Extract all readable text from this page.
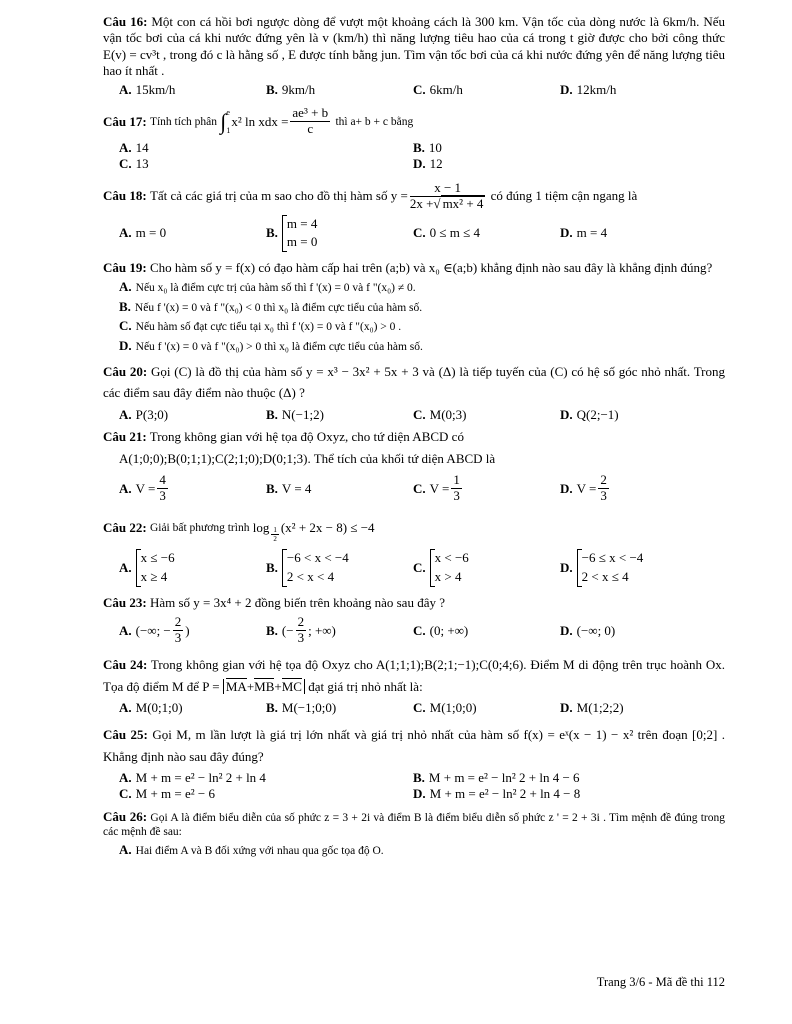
Câu 16: Một con cá hồi bơi ngược dòng để vượt một khoảng cách là 300 km. Vận tốc của dòng nước là 6km/h. Nếu vận tốc bơi của cá khi nước đứng yên là v (km/h) thì năng lượng tiêu hao của cá trong t giờ được cho bởi công thức E(v) = cv³t , trong đó c là hằng số , E được tính bằng jun. Tìm vận tốc bơi của cá khi nước đứng yên để năng lượng tiêu hao ít nhất .
A. 15km/h	B. 9km/h	C. 6km/h	D. 12km/h
Câu 17:
Tính tích phân
∫ e
1
x² ln xdx = $\frac{\text{ae³ + b}}{c}$
thì a+ b + c bằng
A. 14	B. 10
C. 13	D. 12
Câu 18:
Tất cả các giá trị của m sao cho đồ thị hàm số
$y = \frac{x - 1}{\text{2x +√ mx² + 4}}$
có đúng 1 tiệm cận ngang là
A. m = 0	B.
m = 4
m = 0
C. 0 ≤ m ≤ 4	D. m = 4
Câu 19: Cho hàm số y = f(x) có đạo hàm cấp hai trên (a;b) và x₀ ∈(a;b) khẳng định nào sau đây là khẳng định đúng?
A. Nếu x₀ là điểm cực trị của hàm số thì f '(x) = 0 và f "(x₀) ≠ 0.
B. Nếu f '(x) = 0 và f "(x₀) < 0 thì x₀ là điểm cực tiểu của hàm số.
C. Nếu hàm số đạt cực tiểu tại x₀ thì f '(x) = 0 và f "(x₀) > 0 .
D. Nếu f '(x) = 0 và f "(x₀) > 0 thì x₀ là điểm cực tiểu của hàm số.
Câu 20: Gọi (C) là đồ thị của hàm số y = x³ − 3x² + 5x + 3 và (Δ) là tiếp tuyến của (C) có hệ số góc nhỏ nhất. Trong các điểm sau đây điểm nào thuộc (Δ) ?
A. P(3;0)	B. N(−1;2)	C. M(0;3)	D. Q(2;−1)
Câu 21: Trong không gian với hệ tọa độ Oxyz, cho tứ diện ABCD có
A(1;0;0);B(0;1;1);C(2;1;0);D(0;1;3). Thể tích của khối tứ diện ABCD là
A. $V = \frac{4}{3}$	B. V = 4	C. $V = \frac{1}{3}$	D. $V = \frac{2}{3}$
Câu 22:
Giải bất phương trình
$\log \frac{1}{2} (x^2 + 2x - 8) \le -4$
A.
x ≤ −6
x ≥ 4
B.
−6 < x < −4
2 < x < 4
C.
x < −6
x > 4
D.
−6 ≤ x < −4
2 < x ≤ 4
Câu 23: Hàm số y = 3x⁴ + 2 đồng biến trên khoảng nào sau đây ?
A. (−∞; − $\frac{2}{3}$ )	B. (− $\frac{2}{3}$ ; +∞)	C. (0; +∞)	D. (−∞; 0)
Câu 24: Trong không gian với hệ tọa độ Oxyz cho A(1;1;1);B(2;1;−1);C(0;4;6). Điểm M di động trên trục hoành Ox. Tọa độ điểm M để P = MA+MB+MC đạt giá trị nhỏ nhất là:
A. M(0;1;0)	B. M(−1;0;0)	C. M(1;0;0)	D. M(1;2;2)
Câu 25: Gọi M, m lần lượt là giá trị lớn nhất và giá trị nhỏ nhất của hàm số f(x) = eˣ(x − 1) − x² trên đoạn [0;2] . Khẳng định nào sau đây đúng?
A. M + m = e² − ln² 2 + ln 4	B. M + m = e² − ln² 2 + ln 4 − 6
C. M + m = e² − 6	D. M + m = e² − ln² 2 + ln 4 − 8
Câu 26: Gọi A là điểm biểu diễn của số phức z = 3 + 2i và điểm B là điểm biểu diễn số phức z ' = 2 + 3i . Tìm mệnh đề đúng trong các mệnh đề sau:
A. Hai điểm A và B đối xứng với nhau qua gốc tọa độ O.
Trang 3/6 - Mã đề thi 112
